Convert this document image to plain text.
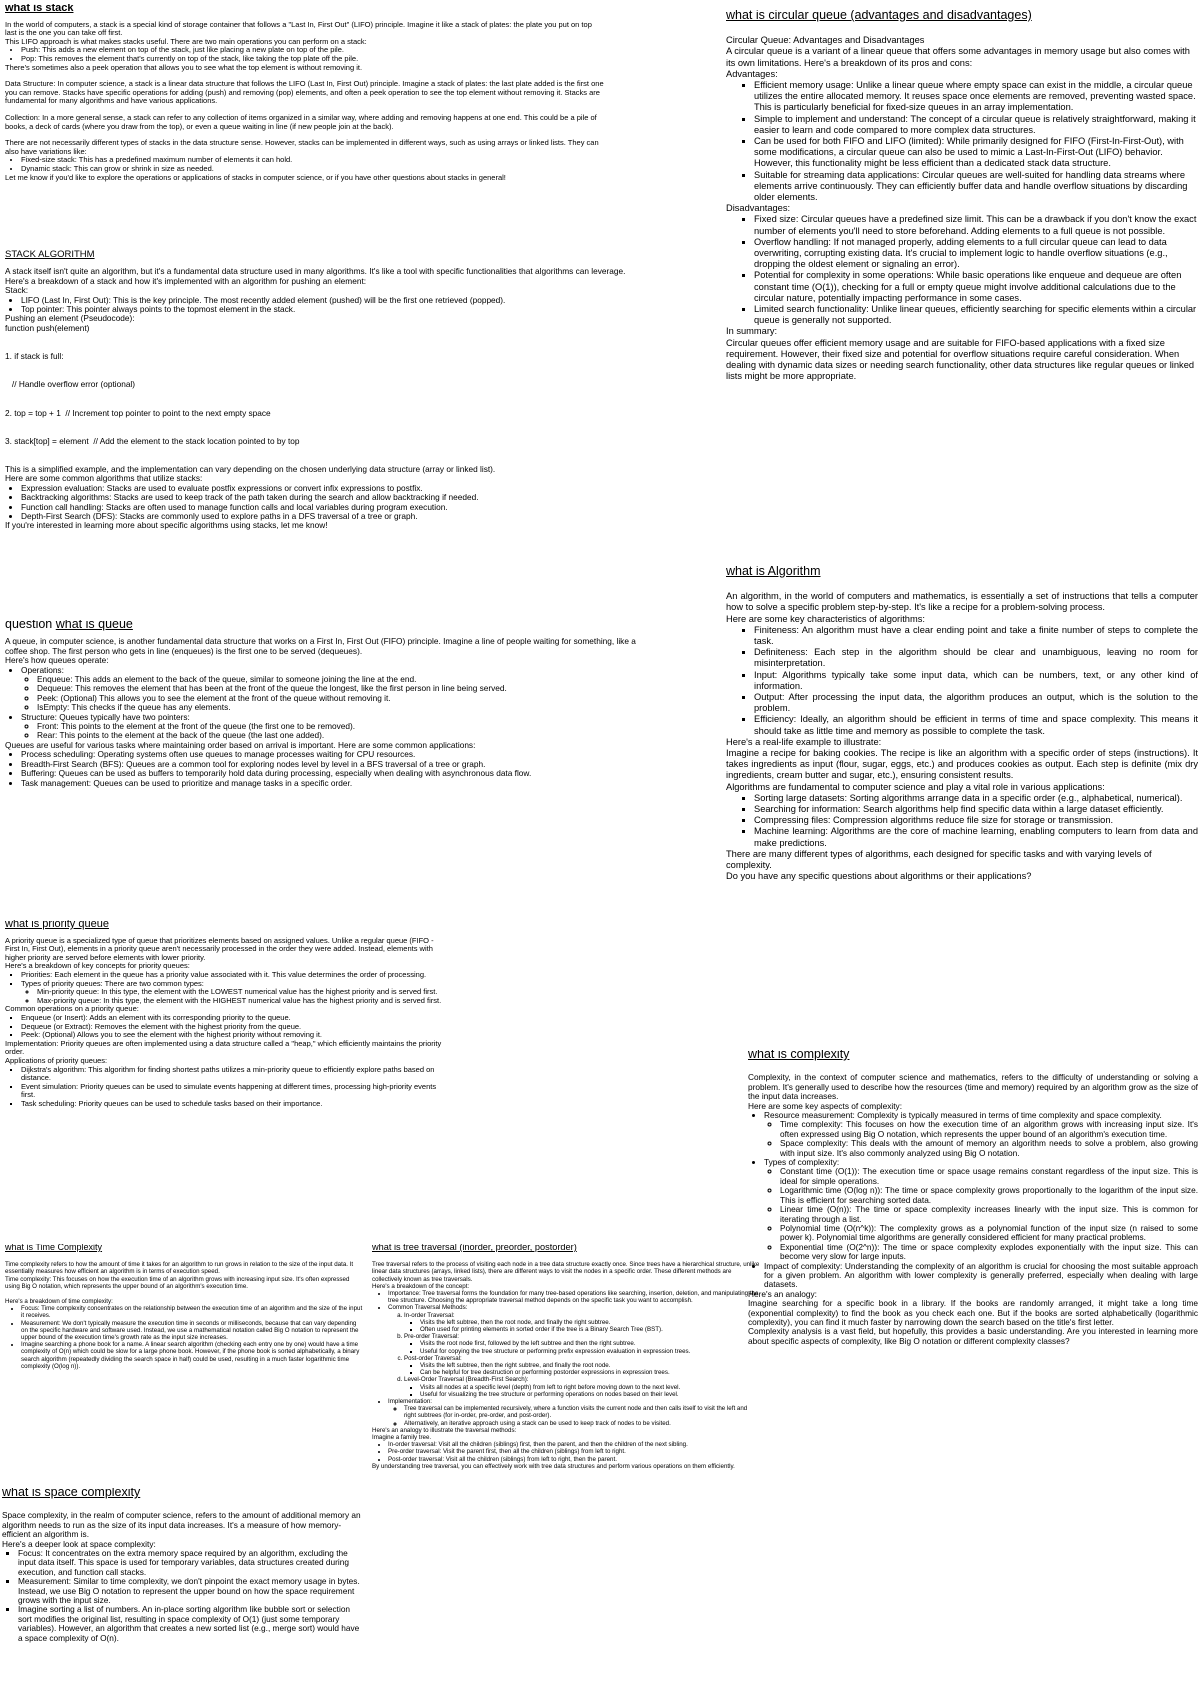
what is stack

In the world of computers, a stack is a special kind of storage container that follows a "Last In, First Out" (LIFO) principle. Imagine it like a stack of plates: the plate you put on top last is the one you can take off first.

This LIFO approach is what makes stacks useful. There are two main operations you can perform on a stack:

• Push: This adds a new element on top of the stack, just like placing a new plate on top of the pile.
• Pop: This removes the element that's currently on top of the stack, like taking the top plate off the pile.

There's sometimes also a peek operation that allows you to see what the top element is without removing it.

Data Structure: In computer science, a stack is a linear data structure that follows the LIFO (Last In, First Out) principle. Imagine a stack of plates: the last plate added is the first one you can remove. Stacks have specific operations for adding (push) and removing (pop) elements, and often a peek operation to see the top element without removing it. Stacks are fundamental for many algorithms and have various applications.

Collection: In a more general sense, a stack can refer to any collection of items organized in a similar way, where adding and removing happens at one end. This could be a pile of books, a deck of cards (where you draw from the top), or even a queue waiting in line (if new people join at the back).

There are not necessarily different types of stacks in the data structure sense. However, stacks can be implemented in different ways, such as using arrays or linked lists. They can also have variations like:

• Fixed-size stack: This has a predefined maximum number of elements it can hold.
• Dynamic stack: This can grow or shrink in size as needed.

Let me know if you'd like to explore the operations or applications of stacks in computer science, or if you have other questions about stacks in general!

STACK ALGORITHM

A stack itself isn't quite an algorithm, but it's a fundamental data structure used in many algorithms. It's like a tool with specific functionalities that algorithms can leverage.

Here's a breakdown of a stack and how it's implemented with an algorithm for pushing an element:

Stack:

• LIFO (Last In, First Out): This is the key principle. The most recently added element (pushed) will be the first one retrieved (popped).
• Top pointer: This pointer always points to the topmost element in the stack.

Pushing an element (Pseudocode):

function push(element)

1. if stack is full:

// Handle overflow error (optional)

2. top = top + 1  // Increment top pointer to point to the next empty space

3. stack[top] = element  // Add the element to the stack location pointed to by top

This is a simplified example, and the implementation can vary depending on the chosen underlying data structure (array or linked list).

Here are some common algorithms that utilize stacks:

• Expression evaluation: Stacks are used to evaluate postfix expressions or convert infix expressions to postfix.
• Backtracking algorithms: Stacks are used to keep track of the path taken during the search and allow backtracking if needed.
• Function call handling: Stacks are often used to manage function calls and local variables during program execution.
• Depth-First Search (DFS): Stacks are commonly used to explore paths in a DFS traversal of a tree or graph.

If you're interested in learning more about specific algorithms using stacks, let me know!

question what is queue

A queue, in computer science, is another fundamental data structure that works on a First In, First Out (FIFO) principle. Imagine a line of people waiting for something, like a coffee shop. The first person who gets in line (enqueues) is the first one to be served (dequeues).

Here's how queues operate:

• Operations:
◦ Enqueue: This adds an element to the back of the queue, similar to someone joining the line at the end.
◦ Dequeue: This removes the element that has been at the front of the queue the longest, like the first person in line being served.
◦ Peek: (Optional) This allows you to see the element at the front of the queue without removing it.
◦ IsEmpty: This checks if the queue has any elements.
• Structure: Queues typically have two pointers:
◦ Front: This points to the element at the front of the queue (the first one to be removed).
◦ Rear: This points to the element at the back of the queue (the last one added).

Queues are useful for various tasks where maintaining order based on arrival is important. Here are some common applications:

• Process scheduling: Operating systems often use queues to manage processes waiting for CPU resources.
• Breadth-First Search (BFS): Queues are a common tool for exploring nodes level by level in a BFS traversal of a tree or graph.
• Buffering: Queues can be used as buffers to temporarily hold data during processing, especially when dealing with asynchronous data flow.
• Task management: Queues can be used to prioritize and manage tasks in a specific order.
what is priority queue

A priority queue is a specialized type of queue that prioritizes elements based on assigned values. Unlike a regular queue (FIFO - First In, First Out), elements in a priority queue aren't necessarily processed in the order they were added. Instead, elements with higher priority are served before elements with lower priority.

Here's a breakdown of key concepts for priority queues:

▪ Priorities: Each element in the queue has a priority value associated with it. This value determines the order of processing.
▪ Types of priority queues: There are two common types:
◦ Min-priority queue: In this type, the element with the LOWEST numerical value has the highest priority and is served first.
◦ Max-priority queue: In this type, the element with the HIGHEST numerical value has the highest priority and is served first.

Common operations on a priority queue:

▪ Enqueue (or Insert): Adds an element with its corresponding priority to the queue.
▪ Dequeue (or Extract): Removes the element with the highest priority from the queue.
▪ Peek: (Optional) Allows you to see the element with the highest priority without removing it.

Implementation: Priority queues are often implemented using a data structure called a "heap," which efficiently maintains the priority order.

Applications of priority queues:

▪ Dijkstra's algorithm: This algorithm for finding shortest paths utilizes a min-priority queue to efficiently explore paths based on distance.
▪ Event simulation: Priority queues can be used to simulate events happening at different times, processing high-priority events first.
▪ Task scheduling: Priority queues can be used to schedule tasks based on their importance.
what is Time Complexity

Time complexity refers to how the amount of time it takes for an algorithm to run grows in relation to the size of the input data. It essentially measures how efficient an algorithm is in terms of execution speed.

Time complexity: This focuses on how the execution time of an algorithm grows with increasing input size. It's often expressed using Big O notation, which represents the upper bound of an algorithm's execution time.

Here's a breakdown of time complexity:

• Focus: Time complexity concentrates on the relationship between the execution time of an algorithm and the size of the input it receives.
• Measurement: We don't typically measure the execution time in seconds or milliseconds, because that can vary depending on the specific hardware and software used. Instead, we use a mathematical notation called Big O notation to represent the upper bound of the execution time's growth rate as the input size increases.
• Imagine searching a phone book for a name. A linear search algorithm (checking each entry one by one) would have a time complexity of O(n) which could be slow for a large phone book. However, if the phone book is sorted alphabetically, a binary search algorithm (repeatedly dividing the search space in half) could be used, resulting in a much faster logarithmic time complexity (O(log n)).
what is space complexity

Space complexity, in the realm of computer science, refers to the amount of additional memory an algorithm needs to run as the size of its input data increases. It's a measure of how memory-efficient an algorithm is.

Here's a deeper look at space complexity:

▪ Focus: It concentrates on the extra memory space required by an algorithm, excluding the input data itself. This space is used for temporary variables, data structures created during execution, and function call stacks.
▪ Measurement: Similar to time complexity, we don't pinpoint the exact memory usage in bytes. Instead, we use Big O notation to represent the upper bound on how the space requirement grows with the input size.
▪ Imagine sorting a list of numbers. An in-place sorting algorithm like bubble sort or selection sort modifies the original list, resulting in space complexity of O(1) (just some temporary variables). However, an algorithm that creates a new sorted list (e.g., merge sort) would have a space complexity of O(n).
what is tree traversal (inorder, preorder, postorder)

Tree traversal refers to the process of visiting each node in a tree data structure exactly once. Since trees have a hierarchical structure, unlike linear data structures (arrays, linked lists), there are different ways to visit the nodes in a specific order. These different methods are collectively known as tree traversals.

Here's a breakdown of the concept:

• Importance: Tree traversal forms the foundation for many tree-based operations like searching, insertion, deletion, and manipulating the tree structure. Choosing the appropriate traversal method depends on the specific task you want to accomplish.
• Common Traversal Methods:
a. In-order Traversal:
▪ Visits the left subtree, then the root node, and finally the right subtree.
▪ Often used for printing elements in sorted order if the tree is a Binary Search Tree (BST).
b. Pre-order Traversal:
▪ Visits the root node first, followed by the left subtree and then the right subtree.
▪ Useful for copying the tree structure or performing prefix expression evaluation in expression trees.
c. Post-order Traversal:
▪ Visits the left subtree, then the right subtree, and finally the root node.
▪ Can be helpful for tree destruction or performing postorder expressions in expression trees.
d. Level-Order Traversal (Breadth-First Search):
▪ Visits all nodes at a specific level (depth) from left to right before moving down to the next level.
▪ Useful for visualizing the tree structure or performing operations on nodes based on their level.
• Implementation:
◦ Tree traversal can be implemented recursively, where a function visits the current node and then calls itself to visit the left and right subtrees (for in-order, pre-order, and post-order).
◦ Alternatively, an iterative approach using a stack can be used to keep track of nodes to be visited.

Here's an analogy to illustrate the traversal methods:

Imagine a family tree.

• In-order traversal: Visit all the children (siblings) first, then the parent, and then the children of the next sibling.
• Pre-order traversal: Visit the parent first, then all the children (siblings) from left to right.
• Post-order traversal: Visit all the children (siblings) from left to right, then the parent.

By understanding tree traversal, you can effectively work with tree data structures and perform various operations on them efficiently.

what is circular queue (advantages and disadvantages)

Circular Queue: Advantages and Disadvantages

A circular queue is a variant of a linear queue that offers some advantages in memory usage but also comes with its own limitations. Here's a breakdown of its pros and cons:

Advantages:

▪ Efficient memory usage: Unlike a linear queue where empty space can exist in the middle, a circular queue utilizes the entire allocated memory. It reuses space once elements are removed, preventing wasted space. This is particularly beneficial for fixed-size queues in an array implementation.
▪ Simple to implement and understand: The concept of a circular queue is relatively straightforward, making it easier to learn and code compared to more complex data structures.
▪ Can be used for both FIFO and LIFO (limited): While primarily designed for FIFO (First-In-First-Out), with some modifications, a circular queue can also be used to mimic a Last-In-First-Out (LIFO) behavior. However, this functionality might be less efficient than a dedicated stack data structure.
▪ Suitable for streaming data applications: Circular queues are well-suited for handling data streams where elements arrive continuously. They can efficiently buffer data and handle overflow situations by discarding older elements.

Disadvantages:

▪ Fixed size: Circular queues have a predefined size limit. This can be a drawback if you don't know the exact number of elements you'll need to store beforehand. Adding elements to a full queue is not possible.
▪ Overflow handling: If not managed properly, adding elements to a full circular queue can lead to data overwriting, corrupting existing data. It's crucial to implement logic to handle overflow situations (e.g., dropping the oldest element or signaling an error).
▪ Potential for complexity in some operations: While basic operations like enqueue and dequeue are often constant time (O(1)), checking for a full or empty queue might involve additional calculations due to the circular nature, potentially impacting performance in some cases.
▪ Limited search functionality: Unlike linear queues, efficiently searching for specific elements within a circular queue is generally not supported.

In summary:

Circular queues offer efficient memory usage and are suitable for FIFO-based applications with a fixed size requirement. However, their fixed size and potential for overflow situations require careful consideration. When dealing with dynamic data sizes or needing search functionality, other data structures like regular queues or linked lists might be more appropriate.

what is Algorithm

An algorithm, in the world of computers and mathematics, is essentially a set of instructions that tells a computer how to solve a specific problem step-by-step. It's like a recipe for a problem-solving process.

Here are some key characteristics of algorithms:

▪ Finiteness: An algorithm must have a clear ending point and take a finite number of steps to complete the task.
▪ Definiteness: Each step in the algorithm should be clear and unambiguous, leaving no room for misinterpretation.
▪ Input: Algorithms typically take some input data, which can be numbers, text, or any other kind of information.
▪ Output: After processing the input data, the algorithm produces an output, which is the solution to the problem.
▪ Efficiency: Ideally, an algorithm should be efficient in terms of time and space complexity. This means it should take as little time and memory as possible to complete the task.

Here's a real-life example to illustrate:

Imagine a recipe for baking cookies. The recipe is like an algorithm with a specific order of steps (instructions). It takes ingredients as input (flour, sugar, eggs, etc.) and produces cookies as output. Each step is definite (mix dry ingredients, cream butter and sugar, etc.), ensuring consistent results.

Algorithms are fundamental to computer science and play a vital role in various applications:

▪ Sorting large datasets: Sorting algorithms arrange data in a specific order (e.g., alphabetical, numerical).
▪ Searching for information: Search algorithms help find specific data within a large dataset efficiently.
▪ Compressing files: Compression algorithms reduce file size for storage or transmission.
▪ Machine learning: Algorithms are the core of machine learning, enabling computers to learn from data and make predictions.

There are many different types of algorithms, each designed for specific tasks and with varying levels of complexity.

Do you have any specific questions about algorithms or their applications?

what is complexity

Complexity, in the context of computer science and mathematics, refers to the difficulty of understanding or solving a problem. It's generally used to describe how the resources (time and memory) required by an algorithm grow as the size of the input data increases.

Here are some key aspects of complexity:

• Resource measurement: Complexity is typically measured in terms of time complexity and space complexity.
◦ Time complexity: This focuses on how the execution time of an algorithm grows with increasing input size. It's often expressed using Big O notation, which represents the upper bound of an algorithm's execution time.
◦ Space complexity: This deals with the amount of memory an algorithm needs to solve a problem, also growing with input size. It's also commonly analyzed using Big O notation.
• Types of complexity:
◦ Constant time (O(1)): The execution time or space usage remains constant regardless of the input size. This is ideal for simple operations.
◦ Logarithmic time (O(log n)): The time or space complexity grows proportionally to the logarithm of the input size. This is efficient for searching sorted data.
◦ Linear time (O(n)): The time or space complexity increases linearly with the input size. This is common for iterating through a list.
◦ Polynomial time (O(n^k)): The complexity grows as a polynomial function of the input size (n raised to some power k). Polynomial time algorithms are generally considered efficient for many practical problems.
◦ Exponential time (O(2^n)): The time or space complexity explodes exponentially with the input size. This can become very slow for large inputs.
• Impact of complexity: Understanding the complexity of an algorithm is crucial for choosing the most suitable approach for a given problem. An algorithm with lower complexity is generally preferred, especially when dealing with large datasets.

Here's an analogy:

Imagine searching for a specific book in a library. If the books are randomly arranged, it might take a long time (exponential complexity) to find the book as you check each one. But if the books are sorted alphabetically (logarithmic complexity), you can find it much faster by narrowing down the search based on the title's first letter.

Complexity analysis is a vast field, but hopefully, this provides a basic understanding. Are you interested in learning more about specific aspects of complexity, like Big O notation or different complexity classes?
